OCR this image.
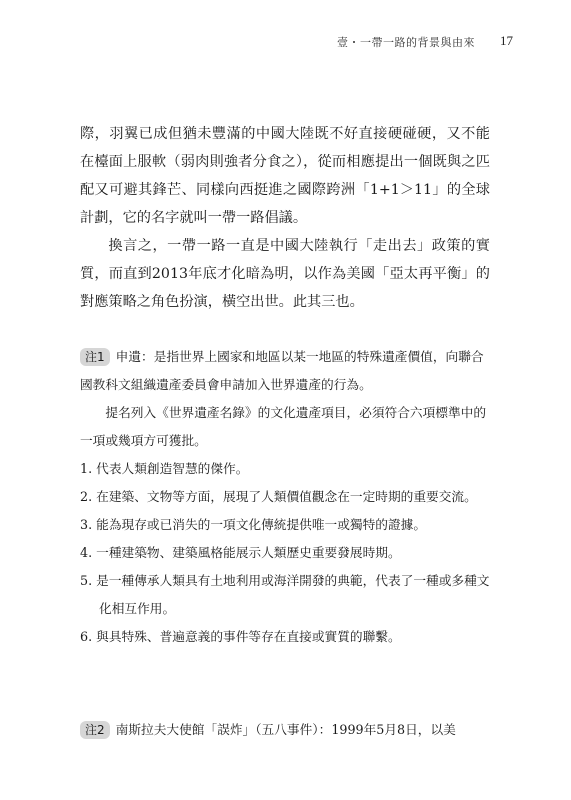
壹・一帶一路的背景與由來 17

際，羽翼已成但猶未豐滿的中國大陸既不好直接硬碰硬，又不能在檯面上服軟（弱肉則強者分食之），從而相應提出一個既與之匹配又可避其鋒芒、同樣向西挺進之國際跨洲「1+1＞11」的全球計劃，它的名字就叫一帶一路倡議。

換言之，一帶一路一直是中國大陸執行「走出去」政策的實質，而直到2013年底才化暗為明，以作為美國「亞太再平衡」的對應策略之角色扮演，橫空出世。此其三也。

注1 申遺：是指世界上國家和地區以某一地區的特殊遺產價值，向聯合國教科文組織遺產委員會申請加入世界遺產的行為。

提名列入《世界遺產名錄》的文化遺產項目，必須符合六項標準中的一項或幾項方可獲批。

1. 代表人類創造智慧的傑作。

2. 在建築、文物等方面，展現了人類價值觀念在一定時期的重要交流。

3. 能為現存或已消失的一項文化傳統提供唯一或獨特的證據。

4. 一種建築物、建築風格能展示人類歷史重要發展時期。

5. 是一種傳承人類具有土地利用或海洋開發的典範，代表了一種或多種文化相互作用。

6. 與具特殊、普遍意義的事件等存在直接或實質的聯繫。

注2 南斯拉夫大使館「誤炸」（五八事件）：1999年5月8日，以美
